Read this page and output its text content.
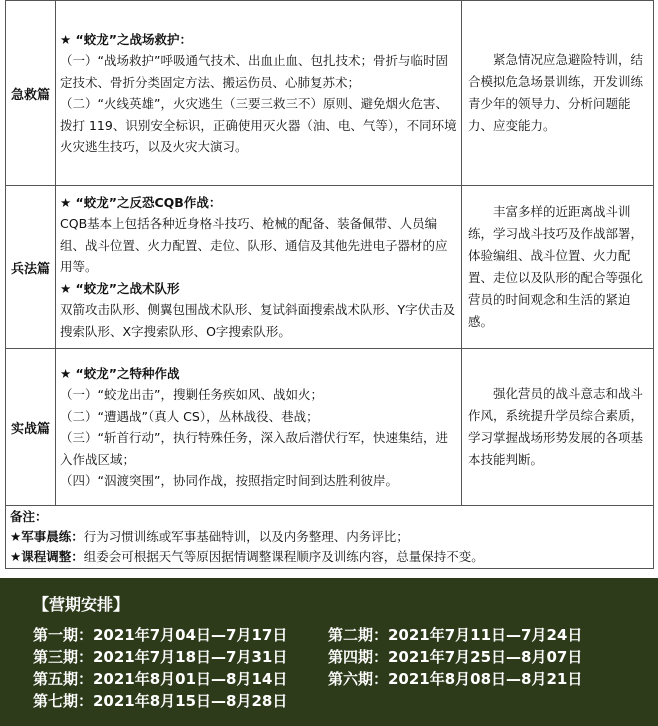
急救篇	★ “蛟龙”之战场救护：
（一）“战场救护”呼吸通气技术、出血止血、包扎技术；骨折与临时固定技术、骨折分类固定方法、搬运伤员、心肺复苏术；
（二）“火线英雄”，火灾逃生（三要三救三不）原则、避免烟火危害、拨打 119、识别安全标识，正确使用灭火器（油、电、气等），不同环境火灾逃生技巧，以及火灾大演习。	紧急情况应急避险特训，结合模拟危急场景训练，开发训练青少年的领导力、分析问题能力、应变能力。

兵法篇	★ “蛟龙”之反恐CQB作战：
CQB基本上包括各种近身格斗技巧、枪械的配备、装备佩带、人员编组、战斗位置、火力配置、走位、队形、通信及其他先进电子器材的应用等。
★ “蛟龙”之战术队形
双箭攻击队形、侧翼包围战术队形、复试斜面搜索战术队形、Y字伏击及搜索队形、X字搜索队形、O字搜索队形。	丰富多样的近距离战斗训练，学习战斗技巧及作战部署，体验编组、战斗位置、火力配置、走位以及队形的配合等强化营员的时间观念和生活的紧迫感。

实战篇	★ “蛟龙”之特种作战
（一）“蛟龙出击”，搜剿任务疾如风、战如火；
（二）“遭遇战”（真人 CS），丛林战役、巷战；
（三）“斩首行动”，执行特殊任务，深入敌后潜伏行军，快速集结，进入作战区域；
（四）“泅渡突围”，协同作战，按照指定时间到达胜利彼岸。	强化营员的战斗意志和战斗作风，系统提升学员综合素质，学习掌握战场形势发展的各项基本技能判断。

备注：
★军事晨练：行为习惯训练或军事基础特训，以及内务整理、内务评比；
★课程调整：组委会可根据天气等原因据情调整课程顺序及训练内容，总量保持不变。		
【营期安排】
第一期：2021年7月04日—7月17日	第二期：2021年7月11日—7月24日
第三期：2021年7月18日—7月31日	第四期：2021年7月25日—8月07日
第五期：2021年8月01日—8月14日	第六期：2021年8月08日—8月21日
第七期：2021年8月15日—8月28日
